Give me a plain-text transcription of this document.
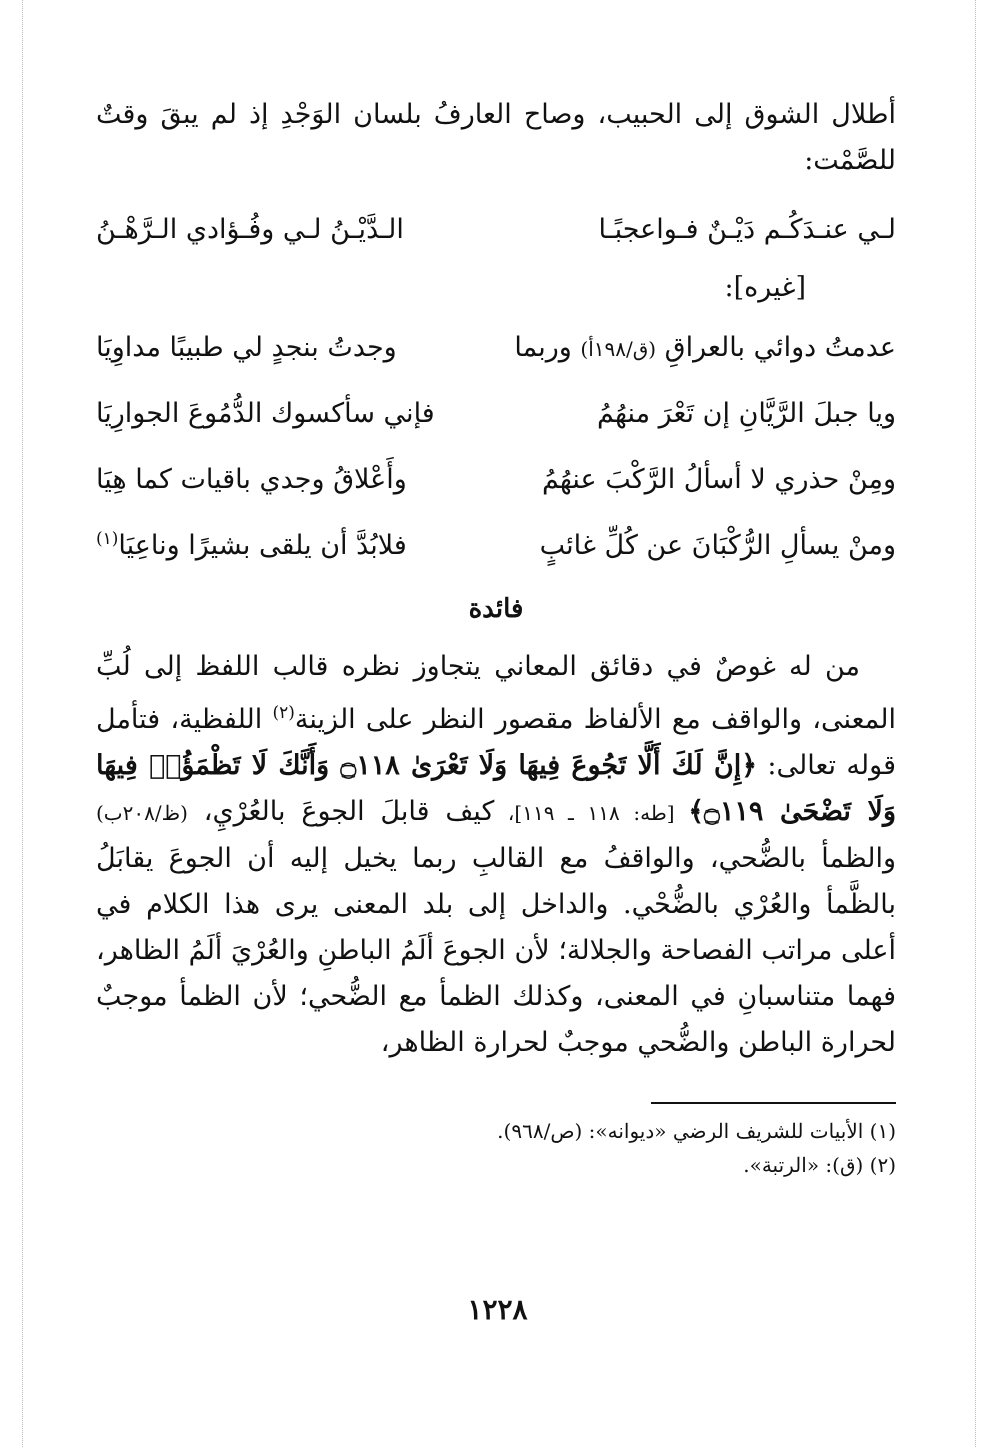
أطلال الشوق إلى الحبيب، وصاح العارفُ بلسان الوَجْدِ إذ لم يبقَ وقتٌ للصَّمْت:

لـي عنـدَكُـم دَيْـنٌ فـواعجبًـا
الـدَّيْـنُ لـي وفُـؤادي الـرَّهْـنُ
[غيره]:
عدمتُ دوائي بالعراقِ (ق/١٩٨أ) وربما
وجدتُ بنجدٍ لي طبيبًا مداوِيَا
ويا جبلَ الرَّيَّانِ إن تَعْرَ منهُمُ
فإني سأكسوك الدُّمُوعَ الجوارِيَا
ومِنْ حذري لا أسألُ الرَّكْبَ عنهُمُ
وأَعْلاقُ وجدي باقيات كما هِيَا
ومنْ يسألِ الرُّكْبَانَ عن كُلِّ غائبٍ
فلابُدَّ أن يلقى بشيرًا وناعِيَا$^{(١)}$
فائدة

من له غوصٌ في دقائق المعاني يتجاوز نظره قالب اللفظ إلى لُبِّ المعنى، والواقف مع الألفاظ مقصور النظر على الزينة$^{(٢)}$ اللفظية، فتأمل قوله تعالى: ﴿إِنَّ لَكَ أَلَّا تَجُوعَ فِيهَا وَلَا تَعْرَىٰ ۝١١٨ وَأَنَّكَ لَا تَظْمَؤُا۟ فِيهَا وَلَا تَضْحَىٰ ۝١١٩﴾ [طه: ١١٨ ـ ١١٩]، كيف قابلَ الجوعَ بالعُرْيِ، (ظ/٢٠٨ب) والظمأ بالضُّحي، والواقفُ مع القالبِ ربما يخيل إليه أن الجوعَ يقابَلُ بالظَّمأ والعُرْي بالضُّحْي. والداخل إلى بلد المعنى يرى هذا الكلام في أعلى مراتب الفصاحة والجلالة؛ لأن الجوعَ ألَمُ الباطنِ والعُرْيَ ألَمُ الظاهر، فهما متناسبانِ في المعنى، وكذلك الظمأ مع الضُّحي؛ لأن الظمأ موجبٌ لحرارة الباطن والضُّحي موجبٌ لحرارة الظاهر،

(١) الأبيات للشريف الرضي «ديوانه»: (ص/٩٦٨).

(٢) (ق): «الرتبة».

١٢٢٨
